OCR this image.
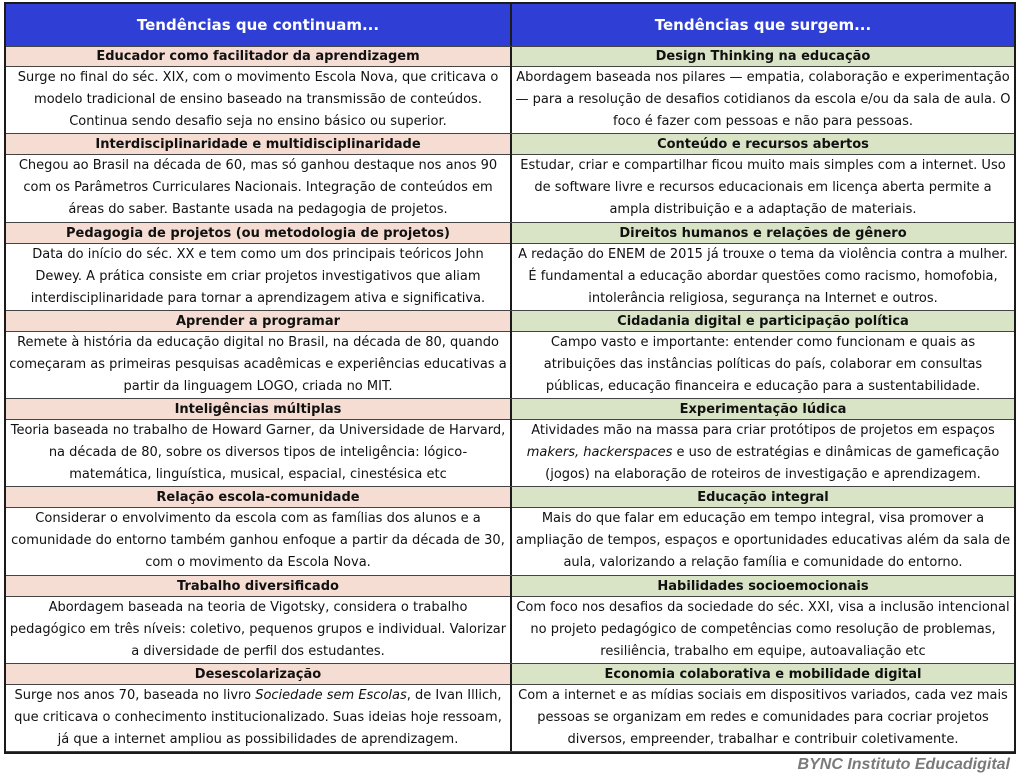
Tendências que continuam...	Tendências que surgem...
Educador como facilitador da aprendizagem
Surge no final do séc. XIX, com o movimento Escola Nova, que criticava o modelo tradicional de ensino baseado na transmissão de conteúdos. Continua sendo desafio seja no ensino básico ou superior.
Interdisciplinaridade e multidisciplinaridade
Chegou ao Brasil na década de 60, mas só ganhou destaque nos anos 90 com os Parâmetros Curriculares Nacionais. Integração de conteúdos em áreas do saber. Bastante usada na pedagogia de projetos.
Pedagogia de projetos (ou metodologia de projetos)
Data do início do séc. XX e tem como um dos principais teóricos John Dewey. A prática consiste em criar projetos investigativos que aliam interdisciplinaridade para tornar a aprendizagem ativa e significativa.
Aprender a programar
Remete à história da educação digital no Brasil, na década de 80, quando começaram as primeiras pesquisas acadêmicas e experiências educativas a partir da linguagem LOGO, criada no MIT.
Inteligências múltiplas
Teoria baseada no trabalho de Howard Garner, da Universidade de Harvard, na década de 80, sobre os diversos tipos de inteligência: lógico-matemática, linguística, musical, espacial, cinestésica etc
Relação escola-comunidade
Considerar o envolvimento da escola com as famílias dos alunos e a comunidade do entorno também ganhou enfoque a partir da década de 30, com o movimento da Escola Nova.
Trabalho diversificado
Abordagem baseada na teoria de Vigotsky, considera o trabalho pedagógico em três níveis: coletivo, pequenos grupos e individual. Valorizar a diversidade de perfil dos estudantes.
Desescolarização
Surge nos anos 70, baseada no livro Sociedade sem Escolas, de Ivan Illich, que criticava o conhecimento institucionalizado. Suas ideias hoje ressoam, já que a internet ampliou as possibilidades de aprendizagem.
Design Thinking na educação
Abordagem baseada nos pilares — empatia, colaboração e experimentação — para a resolução de desafios cotidianos da escola e/ou da sala de aula. O foco é fazer com pessoas e não para pessoas.
Conteúdo e recursos abertos
Estudar, criar e compartilhar ficou muito mais simples com a internet. Uso de software livre e recursos educacionais em licença aberta permite a ampla distribuição e a adaptação de materiais.
Direitos humanos e relações de gênero
A redação do ENEM de 2015 já trouxe o tema da violência contra a mulher. É fundamental a educação abordar questões como racismo, homofobia, intolerância religiosa, segurança na Internet e outros.
Cidadania digital e participação política
Campo vasto e importante: entender como funcionam e quais as atribuições das instâncias políticas do país, colaborar em consultas públicas, educação financeira e educação para a sustentabilidade.
Experimentação lúdica
Atividades mão na massa para criar protótipos de projetos em espaços makers, hackerspaces e uso de estratégias e dinâmicas de gameficação (jogos) na elaboração de roteiros de investigação e aprendizagem.
Educação integral
Mais do que falar em educação em tempo integral, visa promover a ampliação de tempos, espaços e oportunidades educativas além da sala de aula, valorizando a relação família e comunidade do entorno.
Habilidades socioemocionais
Com foco nos desafios da sociedade do séc. XXI, visa a inclusão intencional no projeto pedagógico de competências como resolução de problemas, resiliência, trabalho em equipe, autoavaliação etc
Economia colaborativa e mobilidade digital
Com a internet e as mídias sociais em dispositivos variados, cada vez mais pessoas se organizam em redes e comunidades para cocriar projetos diversos, empreender, trabalhar e contribuir coletivamente.
BYNC Instituto Educadigital
